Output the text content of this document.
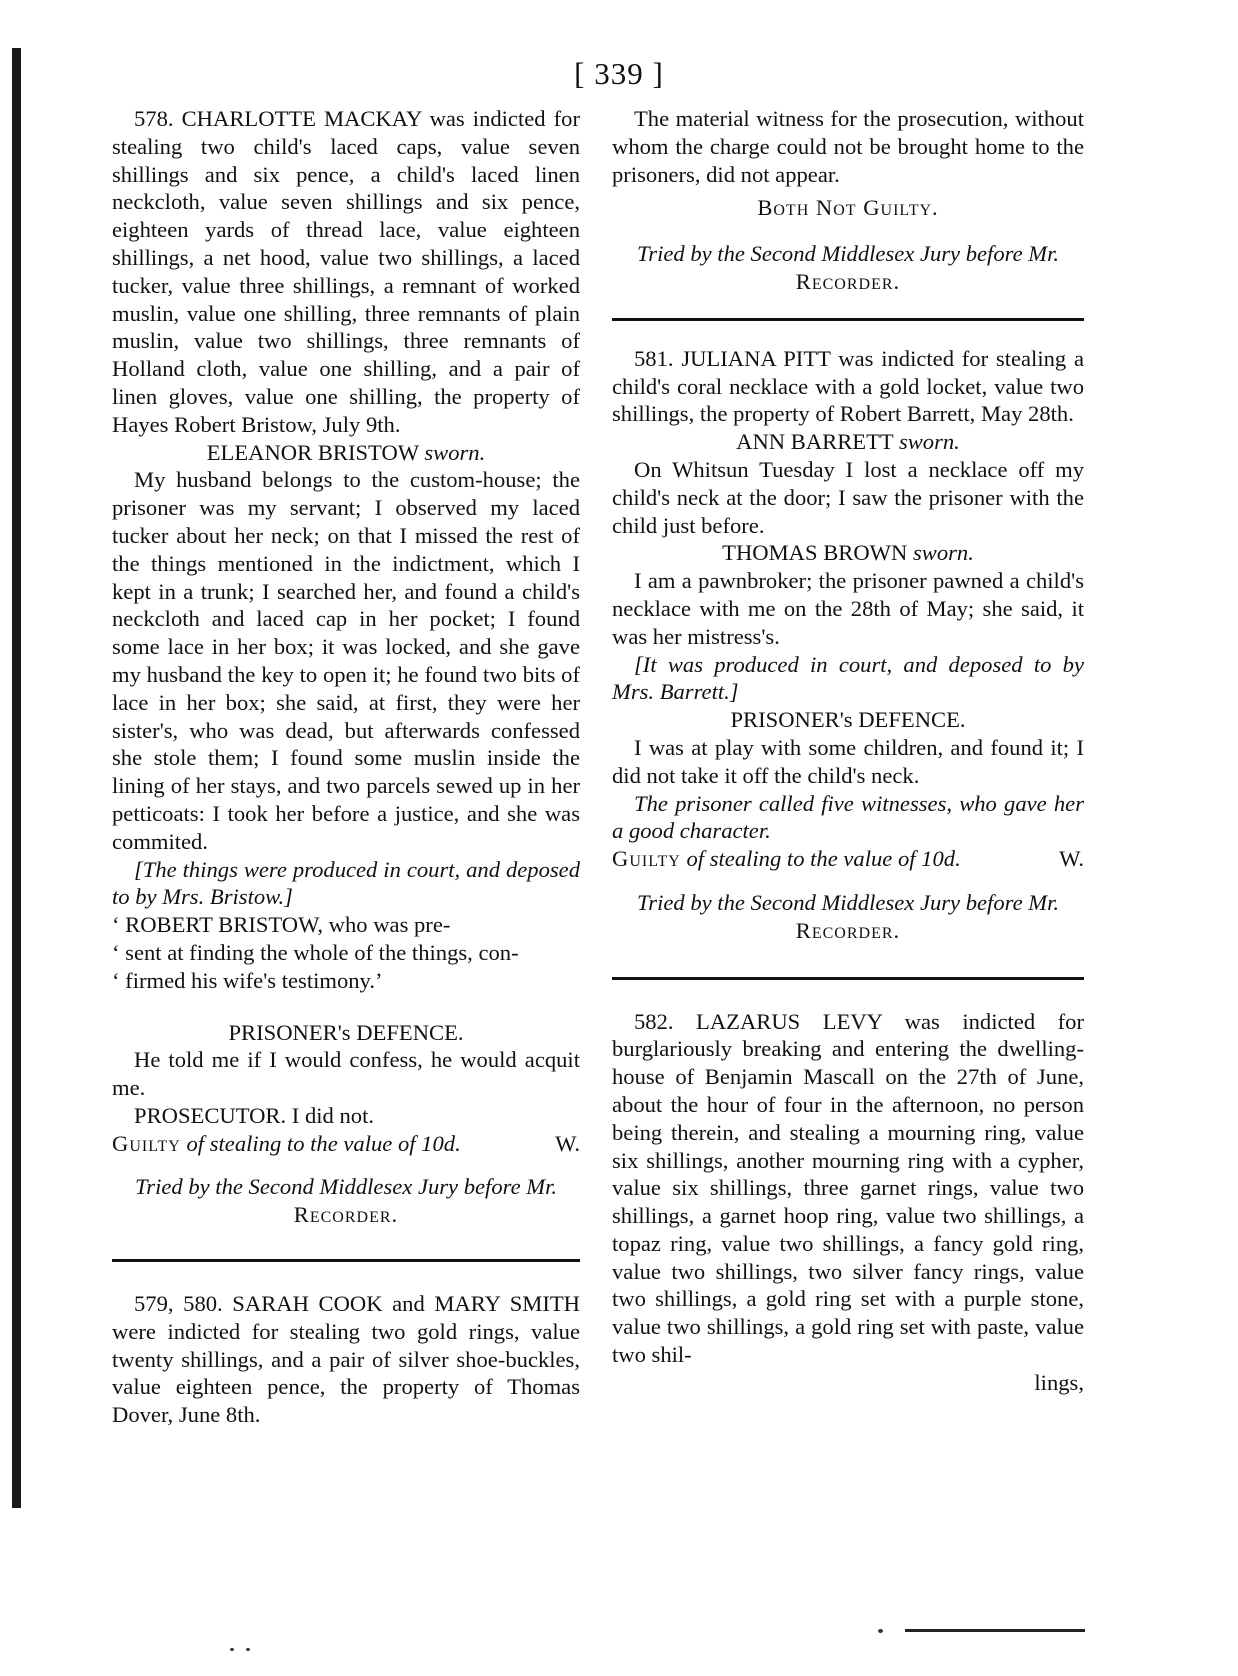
[ 339 ]

578. CHARLOTTE MACKAY was indicted for stealing two child's laced caps, value seven shillings and six pence, a child's laced linen neckcloth, value seven shillings and six pence, eighteen yards of thread lace, value eighteen shillings, a net hood, value two shillings, a laced tucker, value three shillings, a remnant of worked muslin, value one shilling, three remnants of plain muslin, value two shillings, three remnants of Holland cloth, value one shilling, and a pair of linen gloves, value one shilling, the property of Hayes Robert Bristow, July 9th.

ELEANOR BRISTOW sworn.

My husband belongs to the custom-house; the prisoner was my servant; I observed my laced tucker about her neck; on that I missed the rest of the things mentioned in the indictment, which I kept in a trunk; I searched her, and found a child's neckcloth and laced cap in her pocket; I found some lace in her box; it was locked, and she gave my husband the key to open it; he found two bits of lace in her box; she said, at first, they were her sister's, who was dead, but afterwards confessed she stole them; I found some muslin inside the lining of her stays, and two parcels sewed up in her petticoats: I took her before a justice, and she was commited.

[The things were produced in court, and deposed to by Mrs. Bristow.]

‘ ROBERT BRISTOW, who was pre-

‘ sent at finding the whole of the things, con-

‘ firmed his wife's testimony.’

PRISONER's DEFENCE.

He told me if I would confess, he would acquit me.

PROSECUTOR. I did not.

Guilty of stealing to the value of 10d.	W.

Tried by the Second Middlesex Jury before Mr.

Recorder.

579, 580. SARAH COOK and MARY SMITH were indicted for stealing two gold rings, value twenty shillings, and a pair of silver shoe-buckles, value eighteen pence, the property of Thomas Dover, June 8th.

The material witness for the prosecution, without whom the charge could not be brought home to the prisoners, did not appear.

Both Not Guilty.

Tried by the Second Middlesex Jury before Mr.

Recorder.

581. JULIANA PITT was indicted for stealing a child's coral necklace with a gold locket, value two shillings, the property of Robert Barrett, May 28th.

ANN BARRETT sworn.

On Whitsun Tuesday I lost a necklace off my child's neck at the door; I saw the prisoner with the child just before.

THOMAS BROWN sworn.

I am a pawnbroker; the prisoner pawned a child's necklace with me on the 28th of May; she said, it was her mistress's.

[It was produced in court, and deposed to by Mrs. Barrett.]

PRISONER's DEFENCE.

I was at play with some children, and found it; I did not take it off the child's neck.

The prisoner called five witnesses, who gave her a good character.

Guilty of stealing to the value of 10d.	W.

Tried by the Second Middlesex Jury before Mr.

Recorder.

582. LAZARUS LEVY was indicted for burglariously breaking and entering the dwelling-house of Benjamin Mascall on the 27th of June, about the hour of four in the afternoon, no person being therein, and stealing a mourning ring, value six shillings, another mourning ring with a cypher, value six shillings, three garnet rings, value two shillings, a garnet hoop ring, value two shillings, a topaz ring, value two shillings, a fancy gold ring, value two shillings, two silver fancy rings, value two shillings, a gold ring set with a purple stone, value two shillings, a gold ring set with paste, value two shil-

lings,
